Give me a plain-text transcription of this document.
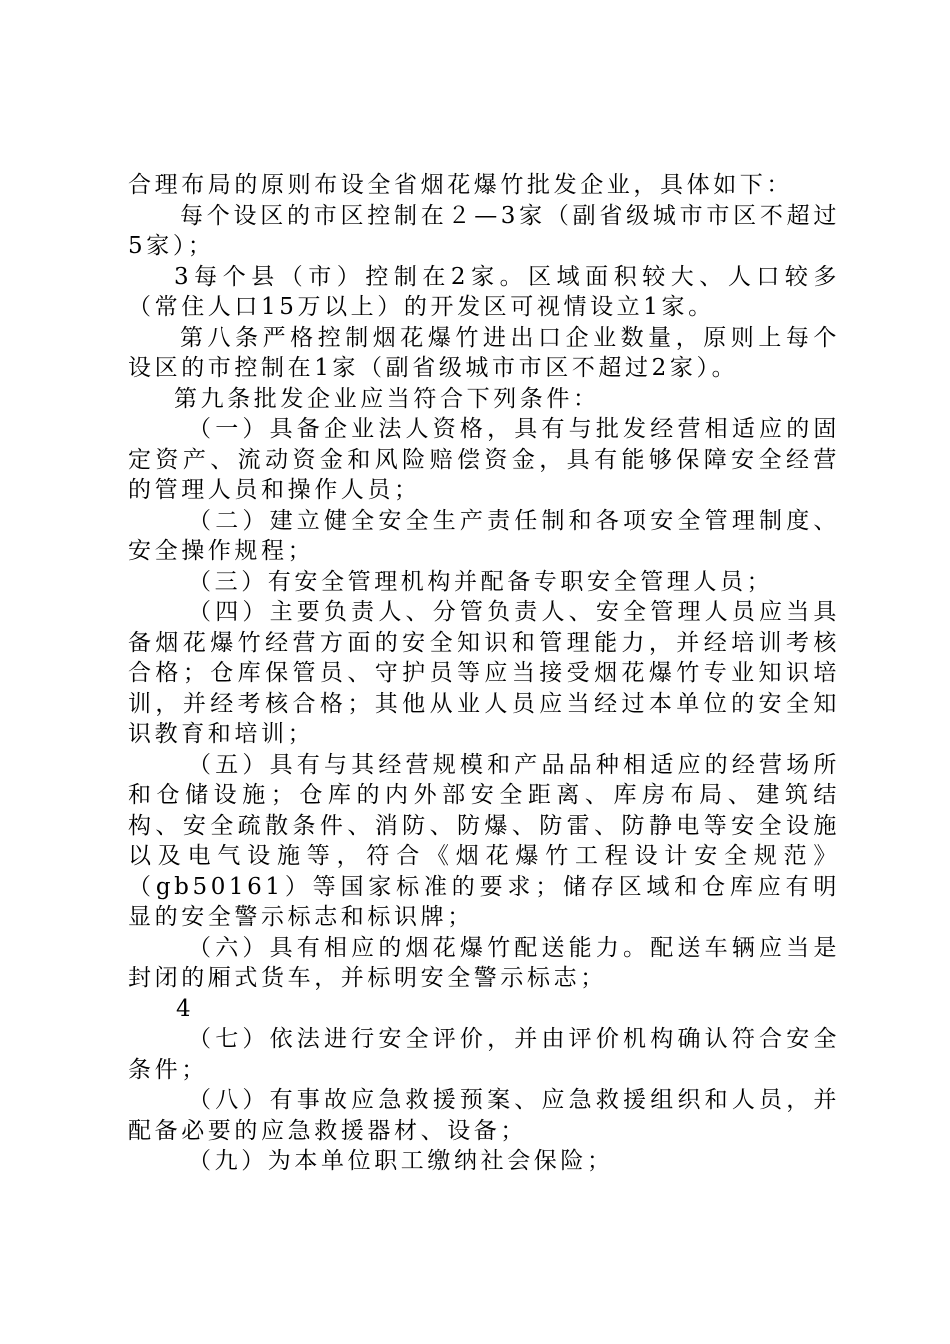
合理布局的原则布设全省烟花爆竹批发企业，具体如下：

每个设区的市区控制在２—3家（副省级城市市区不超过5家）；

3每个县（市）控制在2家。区域面积较大、人口较多（常住人口15万以上）的开发区可视情设立1家。

第八条严格控制烟花爆竹进出口企业数量，原则上每个设区的市控制在1家（副省级城市市区不超过2家）。

第九条批发企业应当符合下列条件：

（一）具备企业法人资格，具有与批发经营相适应的固定资产、流动资金和风险赔偿资金，具有能够保障安全经营的管理人员和操作人员；

（二）建立健全安全生产责任制和各项安全管理制度、安全操作规程；

（三）有安全管理机构并配备专职安全管理人员；

（四）主要负责人、分管负责人、安全管理人员应当具备烟花爆竹经营方面的安全知识和管理能力，并经培训考核合格；仓库保管员、守护员等应当接受烟花爆竹专业知识培训，并经考核合格；其他从业人员应当经过本单位的安全知识教育和培训；

（五）具有与其经营规模和产品品种相适应的经营场所和仓储设施；仓库的内外部安全距离、库房布局、建筑结构、安全疏散条件、消防、防爆、防雷、防静电等安全设施以及电气设施等，符合《烟花爆竹工程设计安全规范》（gb50161）等国家标准的要求；储存区域和仓库应有明显的安全警示标志和标识牌；

（六）具有相应的烟花爆竹配送能力。配送车辆应当是封闭的厢式货车，并标明安全警示标志；

4

（七）依法进行安全评价，并由评价机构确认符合安全条件；

（八）有事故应急救援预案、应急救援组织和人员，并配备必要的应急救援器材、设备；

（九）为本单位职工缴纳社会保险；
